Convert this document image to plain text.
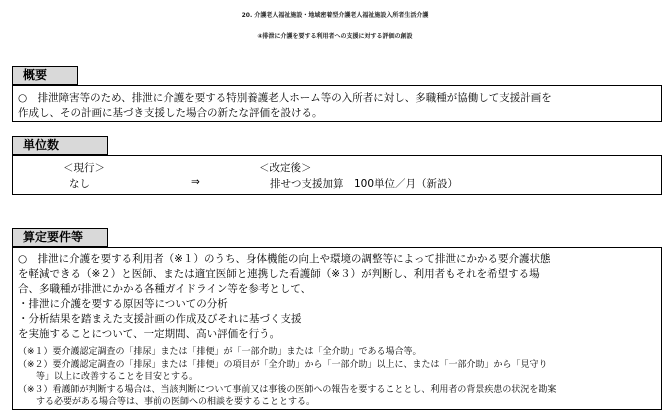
20. 介護老人福祉施設・地域密着型介護老人福祉施設入所者生活介護
④排泄に介護を要する利用者への支援に対する評価の創設
概要
○　排泄障害等のため、排泄に介護を要する特別養護老人ホーム等の入所者に対し、多職種が協働して支援計画を
作成し、その計画に基づき支援した場合の新たな評価を設ける。
単位数
＜現行＞
なし	⇒
＜改定後＞
排せつ支援加算　100単位／月（新設）
算定要件等
○　排泄に介護を要する利用者（※１）のうち、身体機能の向上や環境の調整等によって排泄にかかる要介護状態
を軽減できる（※２）と医師、または適宜医師と連携した看護師（※３）が判断し、利用者もそれを希望する場
合、多職種が排泄にかかる各種ガイドライン等を参考として、
・排泄に介護を要する原因等についての分析
・分析結果を踏まえた支援計画の作成及びそれに基づく支援
を実施することについて、一定期間、高い評価を行う。
（※１）要介護認定調査の「排尿」または「排便」が「一部介助」または「全介助」である場合等。
（※２）要介護認定調査の「排尿」または「排便」の項目が「全介助」から「一部介助」以上に、または「一部介助」から「見守り
　　等」以上に改善することを目安とする。
（※３）看護師が判断する場合は、当該判断について事前又は事後の医師への報告を要することとし、利用者の背景疾患の状況を勘案
　　する必要がある場合等は、事前の医師への相談を要することとする。
